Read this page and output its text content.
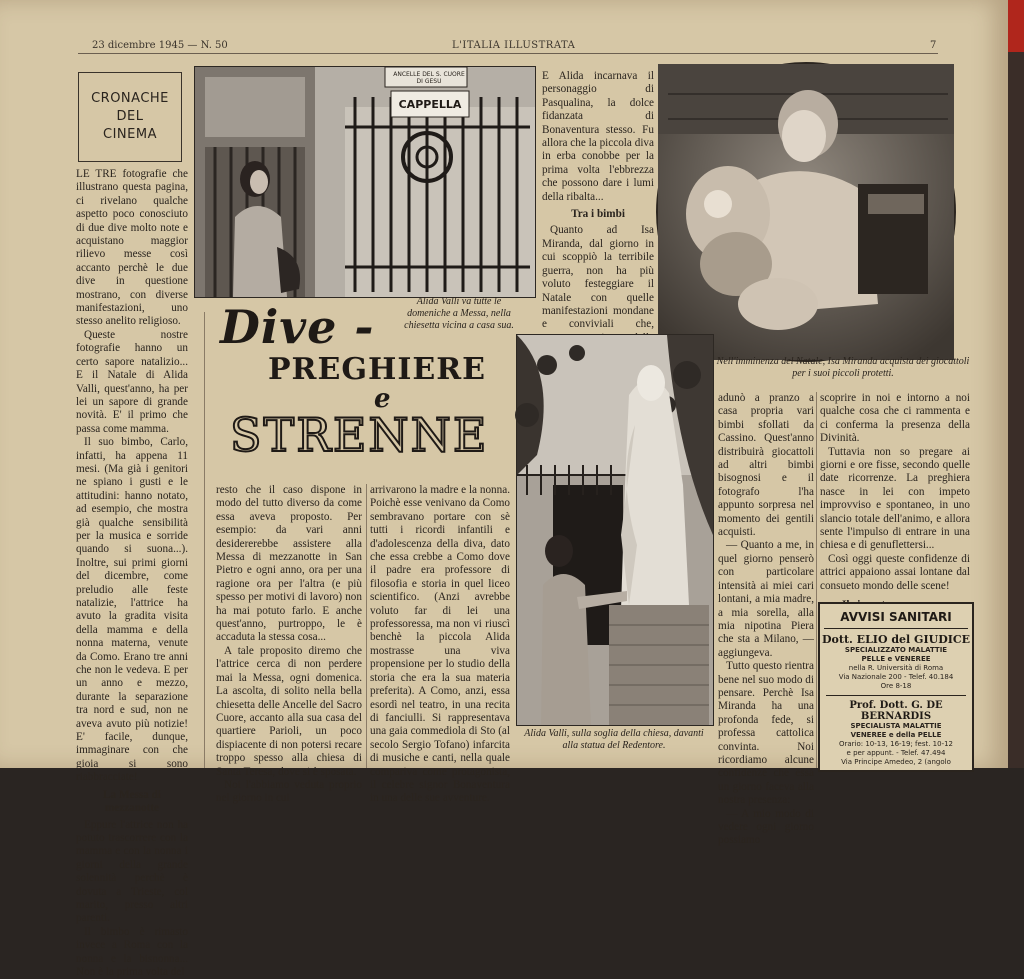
23 dicembre 1945 — N. 50	L'ITALIA ILLUSTRATA	7
CRONACHE
DEL
CINEMA

LE TRE fotografie che illustrano questa pagina, ci rivelano qualche aspetto poco conosciuto di due dive molto note e acquistano maggior rilievo messe così accanto perchè le due dive in questione mostrano, con diverse manifestazioni, uno stesso anelito religioso.

Queste nostre fotografie hanno un certo sapore natalizio... E il Natale di Alida Valli, quest'anno, ha per lei un sapore di grande novità. E' il primo che passa come mamma.

Il suo bimbo, Carlo, infatti, ha appena 11 mesi. (Ma già i genitori ne spiano i gusti e le attitudini: hanno notato, ad esempio, che mostra già qualche sensibilità per la musica e sorride quando si suona...). Inoltre, sui primi giorni del dicembre, come preludio alle feste natalizie, l'attrice ha avuto la gradita visita della mamma e della nonna materna, venute da Como. Erano tre anni che non le vedeva. E per un anno e mezzo, durante la separazione tra nord e sud, non ne aveva avuto più notizie! E' facile, dunque, immaginare con che gioia si sono riabbracciate!

La Messa di mezzanotte

Eppure l'attrice non ha potuto trascorrere con la mamma e con la nonna i giorni della grande solennità perchè è dovuta a Trieste, col marito, presso altri parenti.

Il bimbo è rimasto invece a Roma con la nonna e la bisnonna... Non è la prima volta del

ANCELLE DEL S. CUORE DI GESU
CAPPELLA
Alida Valli va tutte le domeniche a Messa, nella chiesetta vicina a casa sua.

E Alida incarnava il personaggio di Pasqualina, la dolce fidanzata di Bonaventura stesso. Fu allora che la piccola diva in erba conobbe per la prima volta l'ebbrezza che possono dare i lumi della ribalta...

Tra i bimbi

Quanto ad Isa Miranda, dal giorno in cui scoppiò la terribile guerra, non ha più voluto festeggiare il Natale con quelle manifestazioni mondane e conviviali che,

Nell'imminenza del Natale, Isa Miranda acquista dei giocattoli per i suoi piccoli protetti.
Dive -
PREGHIERE
e
STRENNE

resto che il caso dispone in modo del tutto diverso da come essa aveva proposto. Per esempio: da vari anni desidererebbe assistere alla Messa di mezzanotte in San Pietro e ogni anno, ora per una ragione ora per l'altra (e più spesso per motivi di lavoro) non ha mai potuto farlo. E anche quest'anno, purtroppo, le è accaduta la stessa cosa...

A tale proposito diremo che l'attrice cerca di non perdere mai la Messa, ogni domenica. La ascolta, di solito nella bella chiesetta delle Ancelle del Sacro Cuore, accanto alla sua casa del quartiere Parioli, un poco dispiacente di non potersi recare troppo spesso alla chiesa di Santa Teresa, dove si è sposata.

Noi l'abbiamo veduta proprio nel giorno in cui

arrivarono la madre e la nonna. Poichè esse venivano da Como sembravano portare con sè tutti i ricordi infantili e d'adolescenza della diva, dato che essa crebbe a Como dove il padre era professore di filosofia e storia in quel liceo scientifico. (Anzi avrebbe voluto far di lei una professoressa, ma non vi riuscì benchè la piccola Alida mostrasse una viva propensione per lo studio della storia che era la sua materia preferita). A Como, anzi, essa esordì nel teatro, in una recita di fanciulli. Si rappresentava una gaia commediola di Sto (al secolo Sergio Tofano) infarcita di musiche e canti, nella quale compariva come protagonista, il celebre signor Bonaventura in una delle sue avventure.

Alida Valli, sulla soglia della chiesa, davanti alla statua del Redentore.

adunò a pranzo a casa propria vari bimbi sfollati da Cassino. Quest'anno distribuirà giocattoli ad altri bimbi bisognosi e il fotografo l'ha appunto sorpresa nel momento dei gentili acquisti.

— Quanto a me, in quel giorno penserò con particolare intensità ai miei cari lontani, a mia madre, a mia sorella, alla mia nipotina Piera che sta a Milano, — aggiungeva.

Tutto questo rientra bene nel suo modo di pensare. Perchè Isa Miranda ha una profonda fede, si professa cattolica convinta. Noi ricordiamo alcune confidenze che essa un giorno faceva alla nostra presenza:

— A mio modo di vedere ogni giorno possiamo

scoprire in noi e intorno a noi qualche cosa che ci rammenta e ci conferma la presenza della Divinità.

Tuttavia non so pregare ai giorni e ore fisse, secondo quelle date ricorrenze. La preghiera nasce in lei con impeto improvviso e spontaneo, in uno slancio totale dell'animo, e allora sente l'impulso di entrare in una chiesa e di genuflettersi...

Così oggi queste confidenze di attrici appaiono assai lontane dal consueto mondo delle scene!

AVVISI SANITARI
Dott. ELIO del GIUDICE
SPECIALIZZATO MALATTIE
PELLE e VENEREE
nella R. Università di Roma
Via Nazionale 200 - Telef. 40.184
Ore 8-18
Prof. Dott. G. DE BERNARDIS
SPECIALISTA MALATTIE
VENEREE e della PELLE
Orario: 10-13, 16-19; fest. 10-12
e per appunt. - Telef. 47.494
Via Principe Amedeo, 2 (angolo
